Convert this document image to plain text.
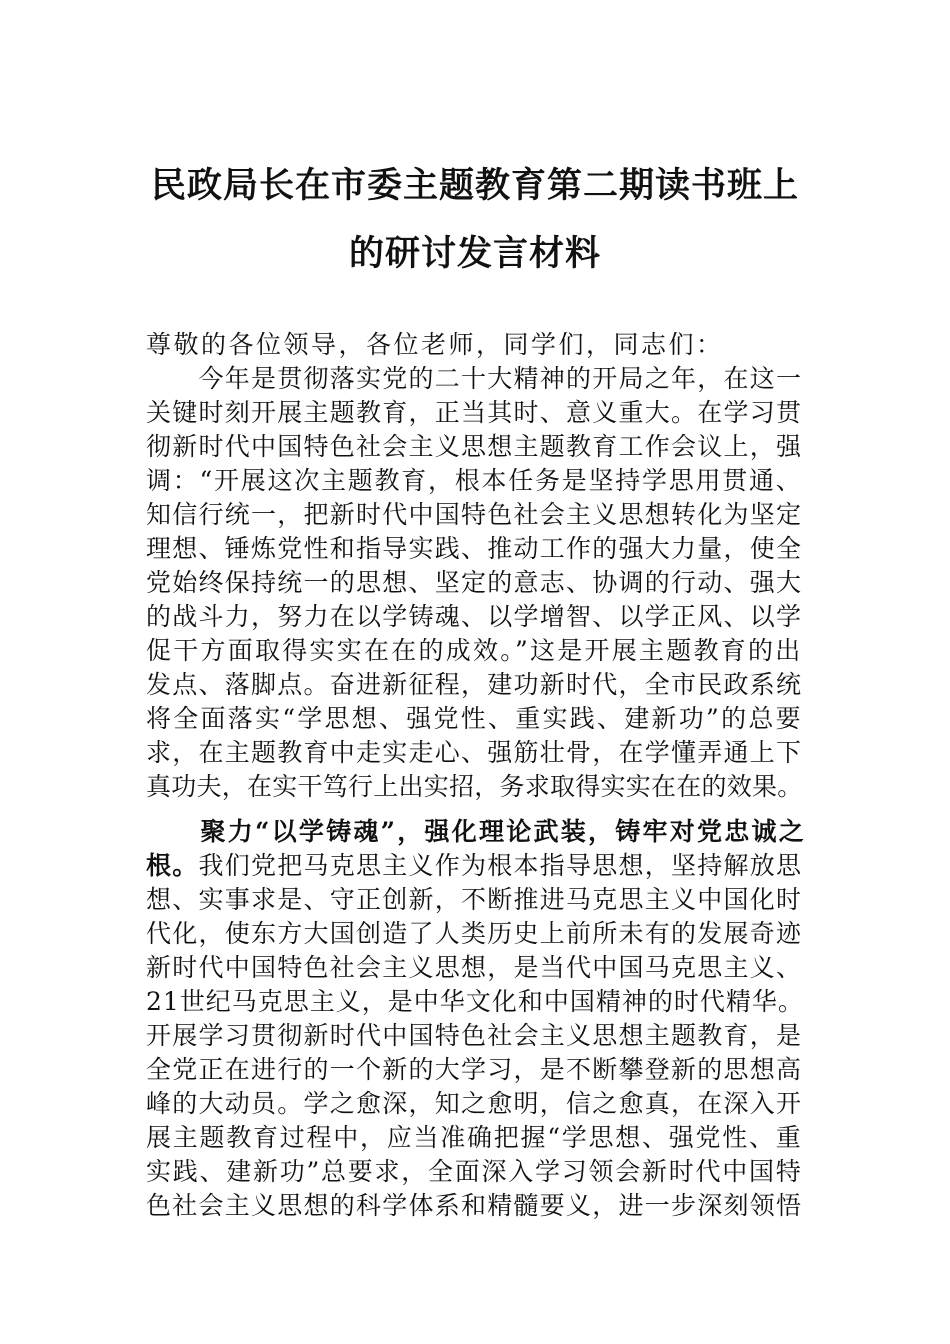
民政局长在市委主题教育第二期读书班上
的研讨发言材料
尊敬的各位领导，各位老师，同学们，同志们：
　　今年是贯彻落实党的二十大精神的开局之年，在这一
关键时刻开展主题教育，正当其时、意义重大。在学习贯
彻新时代中国特色社会主义思想主题教育工作会议上，强
调：“开展这次主题教育，根本任务是坚持学思用贯通、
知信行统一，把新时代中国特色社会主义思想转化为坚定
理想、锤炼党性和指导实践、推动工作的强大力量，使全
党始终保持统一的思想、坚定的意志、协调的行动、强大
的战斗力，努力在以学铸魂、以学增智、以学正风、以学
促干方面取得实实在在的成效。”这是开展主题教育的出
发点、落脚点。奋进新征程，建功新时代，全市民政系统
将全面落实“学思想、强党性、重实践、建新功”的总要
求，在主题教育中走实走心、强筋壮骨，在学懂弄通上下
真功夫，在实干笃行上出实招，务求取得实实在在的效果。
　　聚力“以学铸魂”，强化理论武装，铸牢对党忠诚之
根。我们党把马克思主义作为根本指导思想，坚持解放思
想、实事求是、守正创新，不断推进马克思主义中国化时
代化，使东方大国创造了人类历史上前所未有的发展奇迹
新时代中国特色社会主义思想，是当代中国马克思主义、
21世纪马克思主义，是中华文化和中国精神的时代精华。
开展学习贯彻新时代中国特色社会主义思想主题教育，是
全党正在进行的一个新的大学习，是不断攀登新的思想高
峰的大动员。学之愈深，知之愈明，信之愈真，在深入开
展主题教育过程中，应当准确把握“学思想、强党性、重
实践、建新功”总要求，全面深入学习领会新时代中国特
色社会主义思想的科学体系和精髓要义，进一步深刻领悟
